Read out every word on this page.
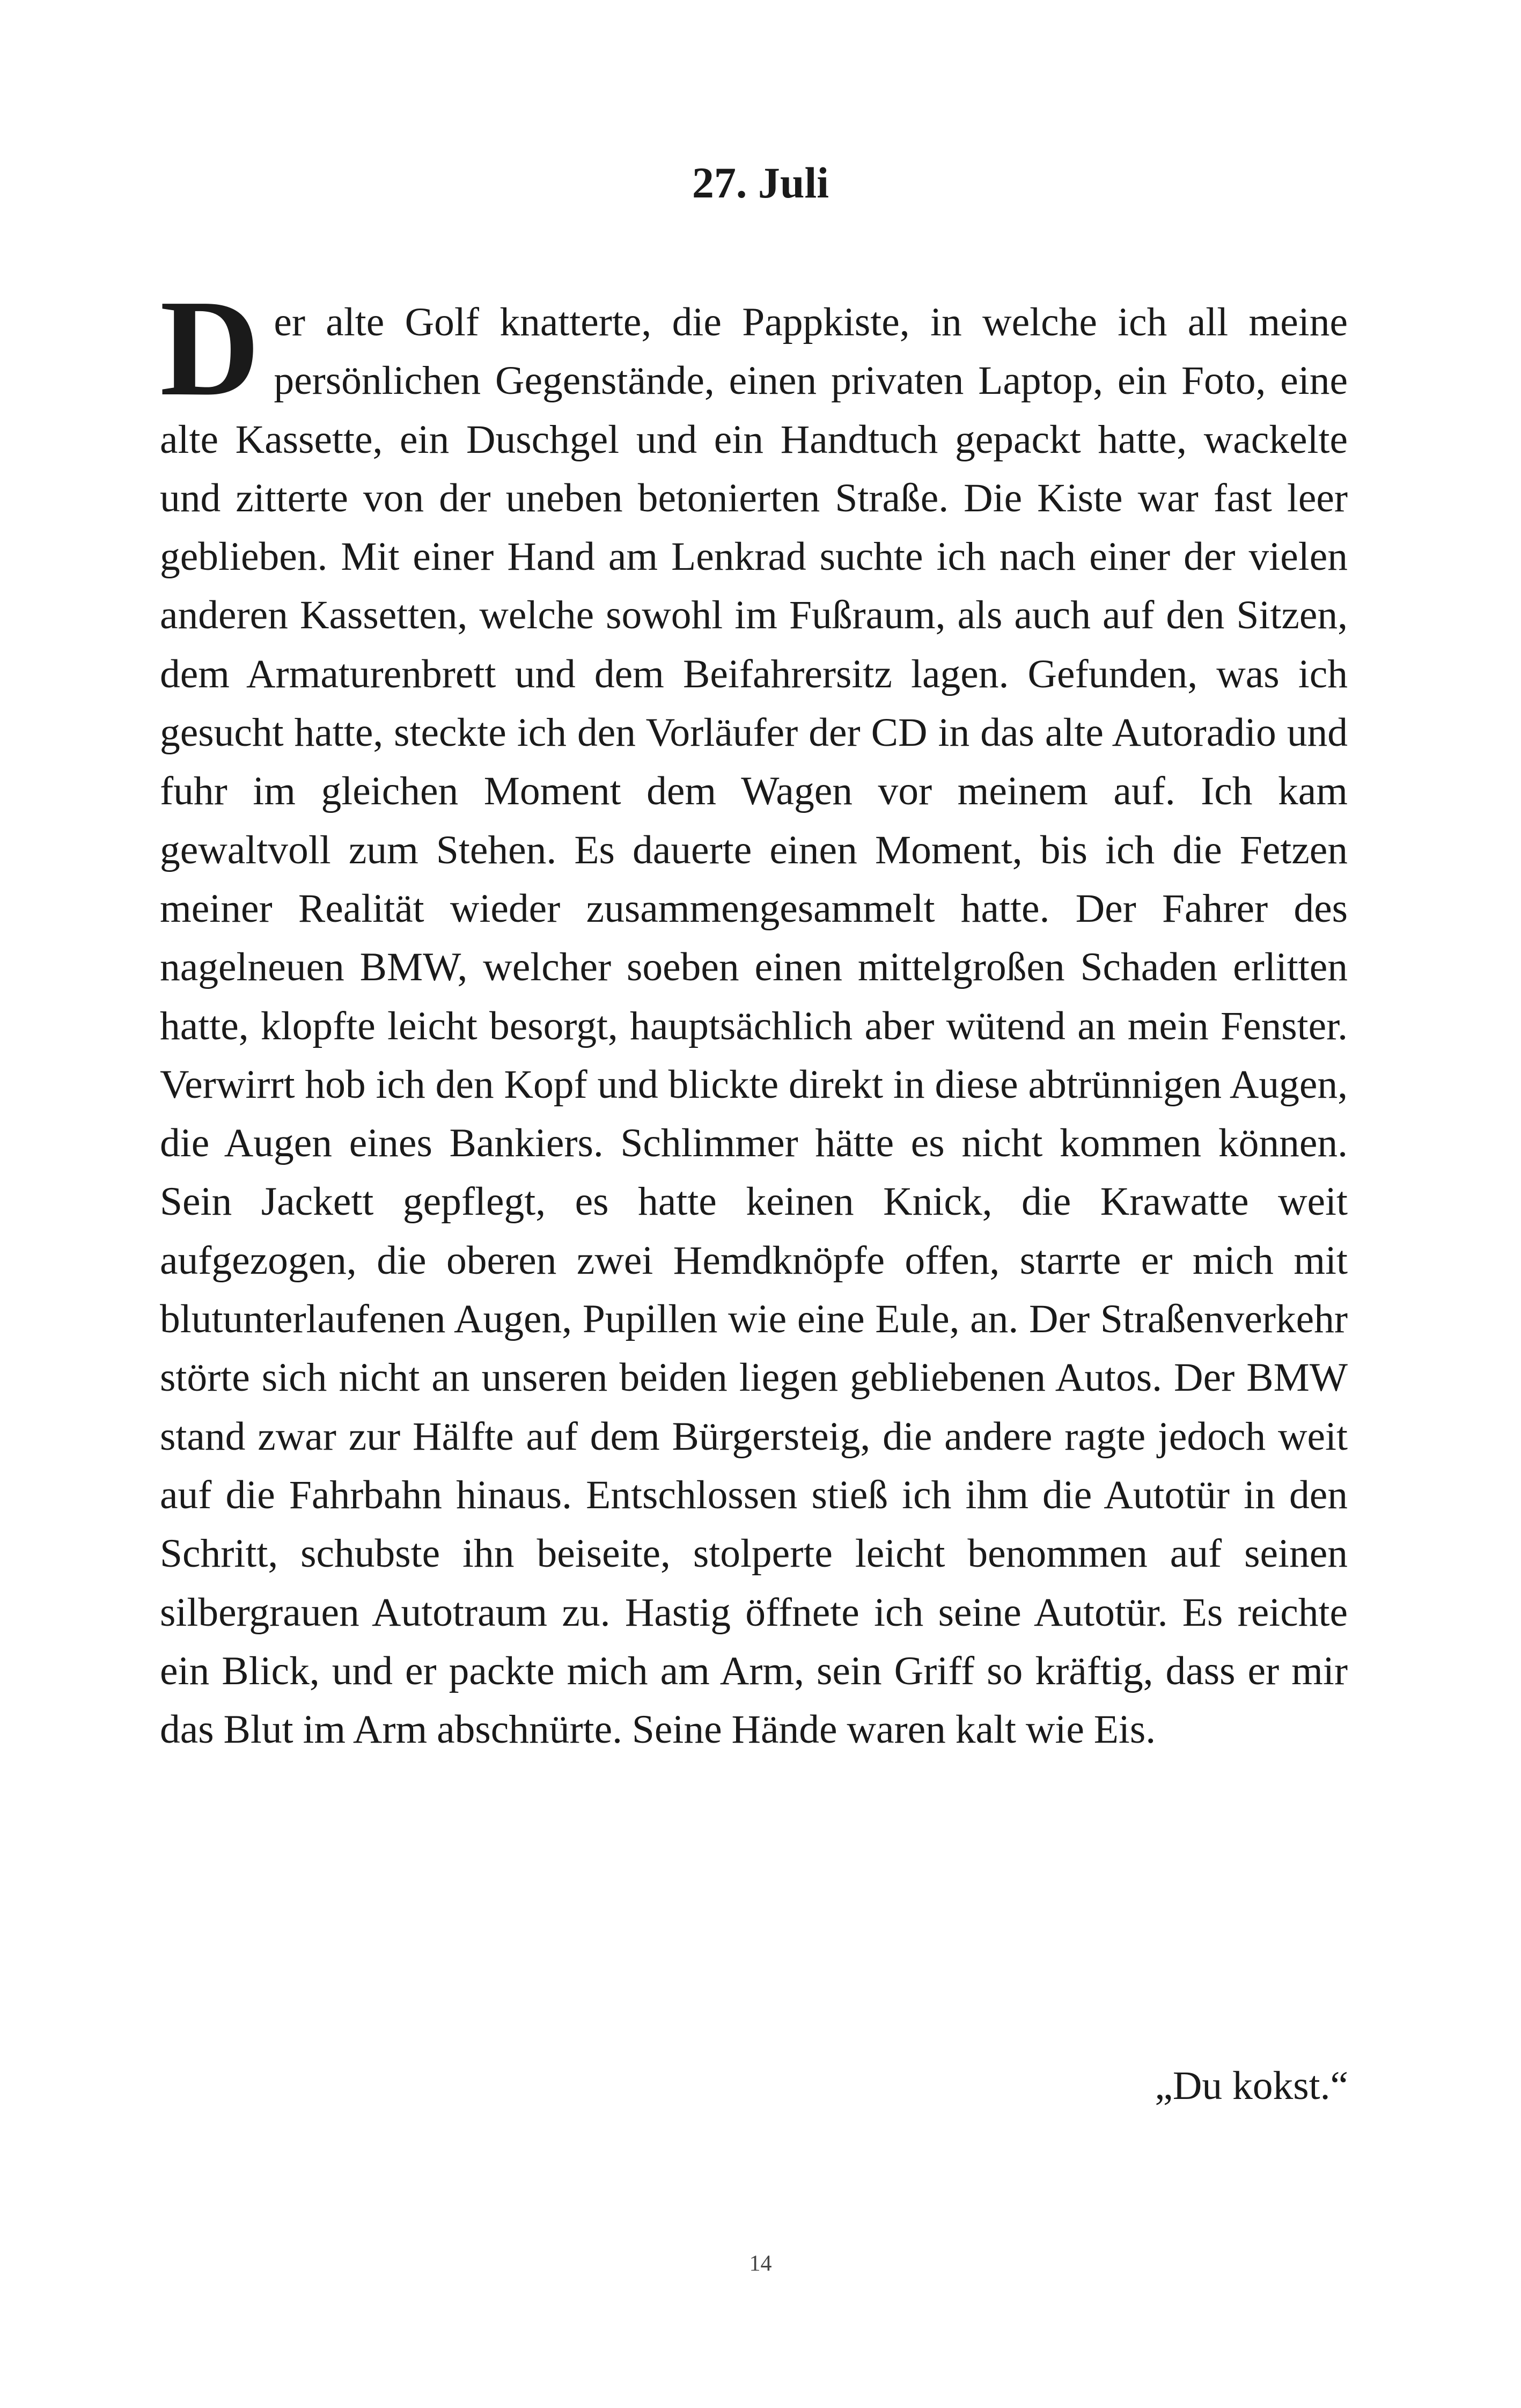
27. Juli

Der alte Golf knatterte, die Pappkiste, in welche ich all meine persönlichen Gegenstände, einen privaten Laptop, ein Foto, eine alte Kassette, ein Duschgel und ein Handtuch gepackt hatte, wackelte und zitterte von der uneben betonierten Straße. Die Kiste war fast leer geblieben. Mit einer Hand am Lenkrad suchte ich nach einer der vielen anderen Kassetten, welche sowohl im Fußraum, als auch auf den Sitzen, dem Armaturenbrett und dem Beifahrersitz lagen. Gefunden, was ich gesucht hatte, steckte ich den Vorläufer der CD in das alte Autoradio und fuhr im gleichen Moment dem Wagen vor meinem auf. Ich kam gewaltvoll zum Stehen. Es dauerte einen Moment, bis ich die Fetzen meiner Realität wieder zusammengesammelt hatte. Der Fahrer des nagelneuen BMW, welcher soeben einen mittelgroßen Schaden erlitten hatte, klopfte leicht besorgt, hauptsächlich aber wütend an mein Fenster. Verwirrt hob ich den Kopf und blickte direkt in diese abtrünnigen Augen, die Augen eines Bankiers. Schlimmer hätte es nicht kommen können. Sein Jackett gepflegt, es hatte keinen Knick, die Krawatte weit aufgezogen, die oberen zwei Hemdknöpfe offen, starrte er mich mit blutunterlaufenen Augen, Pupillen wie eine Eule, an. Der Straßenverkehr störte sich nicht an unseren beiden liegen gebliebenen Autos. Der BMW stand zwar zur Hälfte auf dem Bürgersteig, die andere ragte jedoch weit auf die Fahrbahn hinaus. Entschlossen stieß ich ihm die Autotür in den Schritt, schubste ihn beiseite, stolperte leicht benommen auf seinen silbergrauen Autotraum zu. Hastig öffnete ich seine Autotür. Es reichte ein Blick, und er packte mich am Arm, sein Griff so kräftig, dass er mir das Blut im Arm abschnürte. Seine Hände waren kalt wie Eis.

„Du kokst.“

14
